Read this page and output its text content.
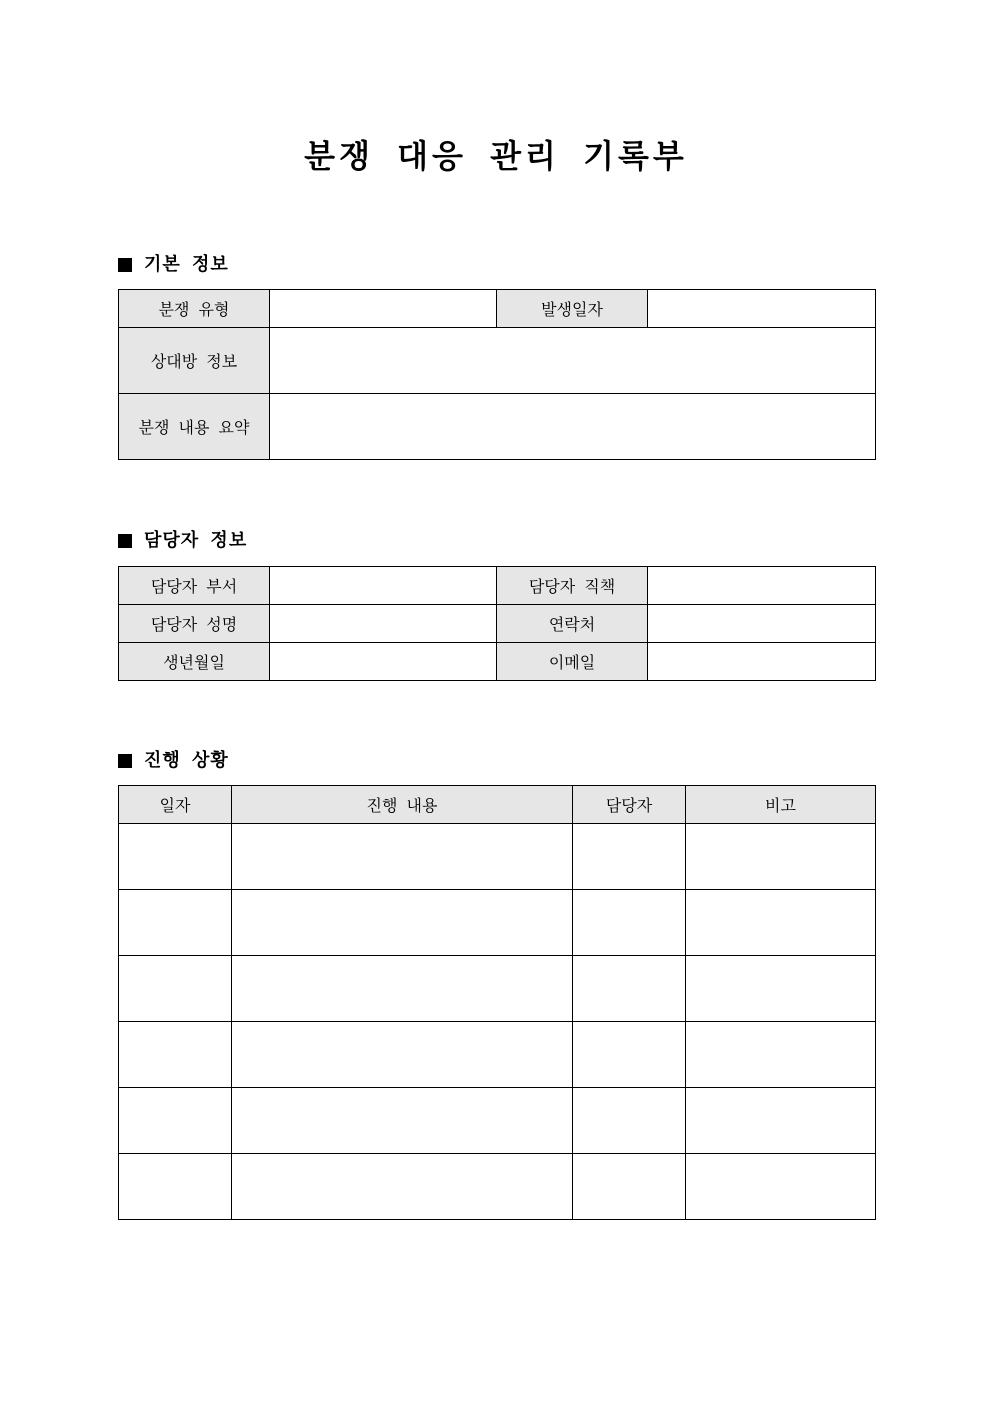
분쟁 대응 관리 기록부
기본 정보
분쟁 유형		발생일자	
상대방 정보			
분쟁 내용 요약			
담당자 정보
담당자 부서		담당자 직책	
담당자 성명		연락처	
생년월일		이메일	
진행 상황
일자	진행 내용	담당자	비고
